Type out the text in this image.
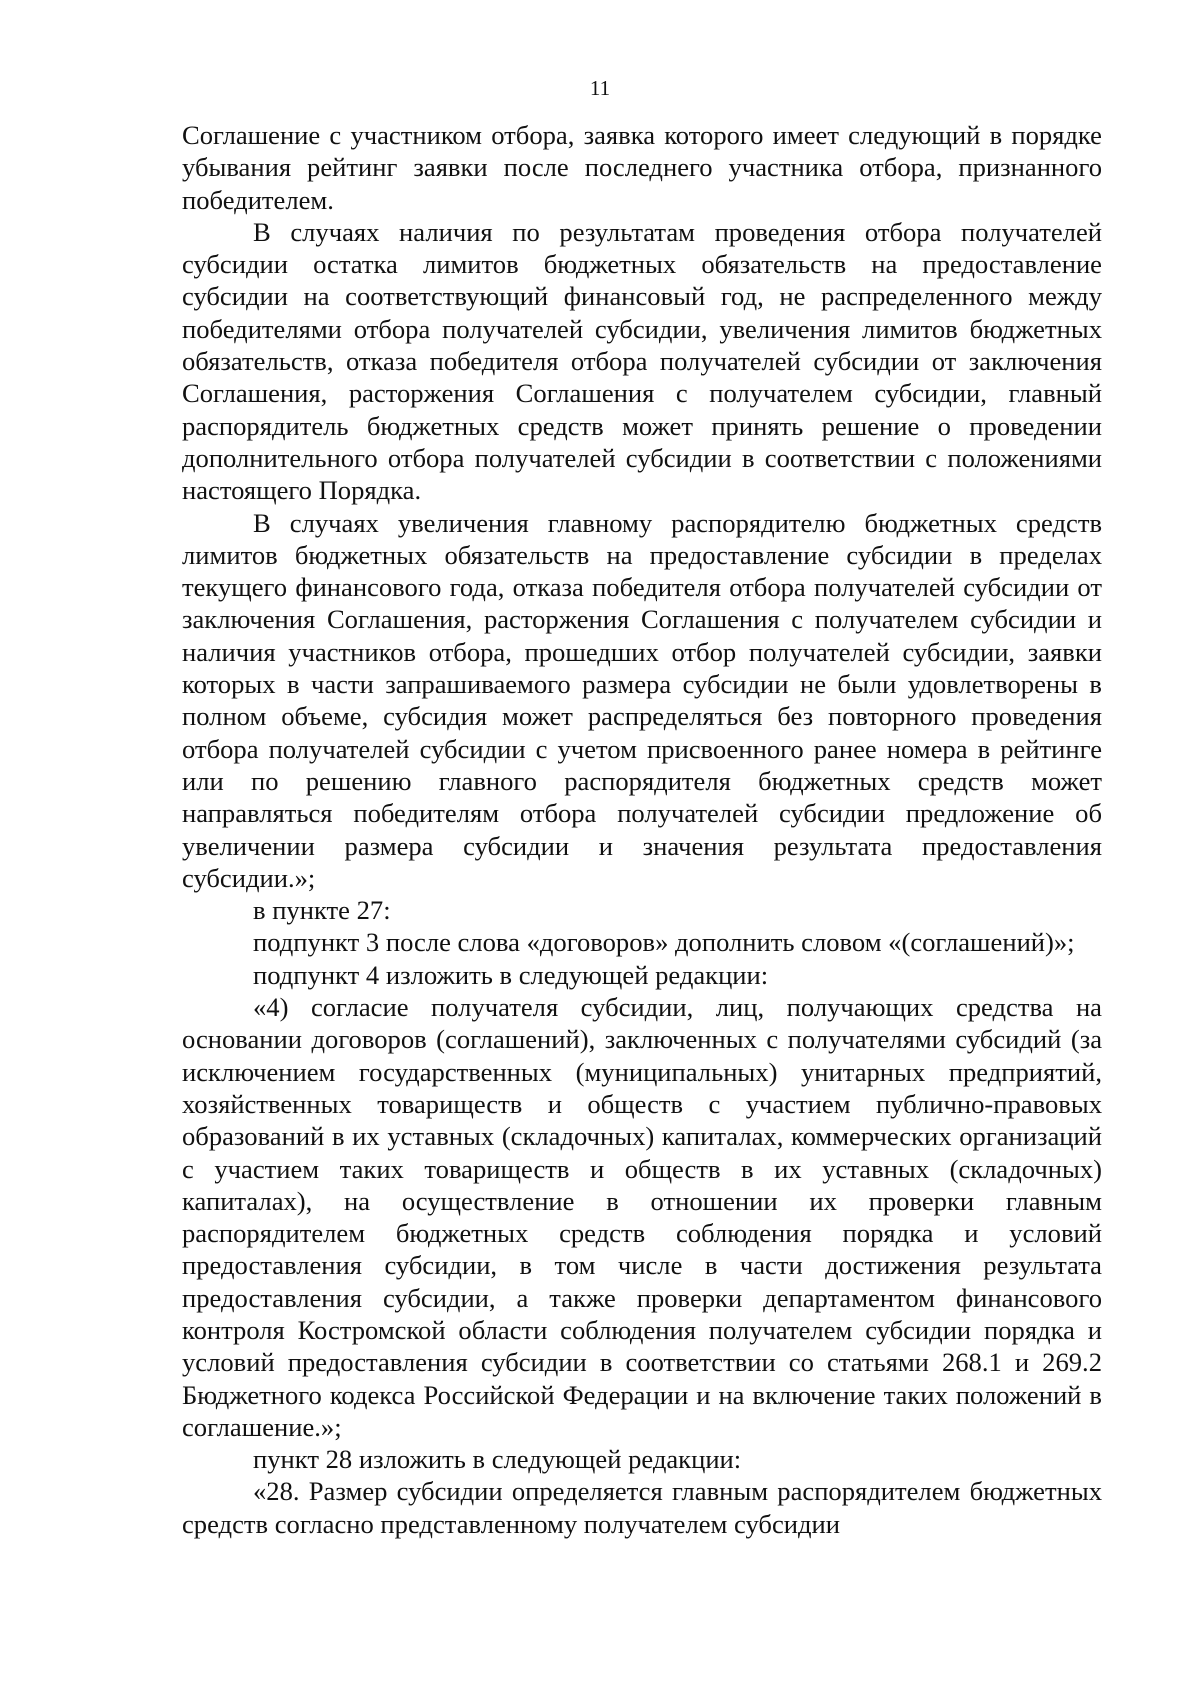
11

Соглашение с участником отбора, заявка которого имеет следующий в порядке убывания рейтинг заявки после последнего участника отбора, признанного победителем.

В случаях наличия по результатам проведения отбора получателей субсидии остатка лимитов бюджетных обязательств на предоставление субсидии на соответствующий финансовый год, не распределенного между победителями отбора получателей субсидии, увеличения лимитов бюджетных обязательств, отказа победителя отбора получателей субсидии от заключения Соглашения, расторжения Соглашения с получателем субсидии, главный распорядитель бюджетных средств может принять решение о проведении дополнительного отбора получателей субсидии в соответствии с положениями настоящего Порядка.

В случаях увеличения главному распорядителю бюджетных средств лимитов бюджетных обязательств на предоставление субсидии в пределах текущего финансового года, отказа победителя отбора получателей субсидии от заключения Соглашения, расторжения Соглашения с получателем субсидии и наличия участников отбора, прошедших отбор получателей субсидии, заявки которых в части запрашиваемого размера субсидии не были удовлетворены в полном объеме, субсидия может распределяться без повторного проведения отбора получателей субсидии с учетом присвоенного ранее номера в рейтинге или по решению главного распорядителя бюджетных средств может направляться победителям отбора получателей субсидии предложение об увеличении размера субсидии и значения результата предоставления субсидии.»;

в пункте 27:

подпункт 3 после слова «договоров» дополнить словом «(соглашений)»;

подпункт 4 изложить в следующей редакции:

«4) согласие получателя субсидии, лиц, получающих средства на основании договоров (соглашений), заключенных с получателями субсидий (за исключением государственных (муниципальных) унитарных предприятий, хозяйственных товариществ и обществ с участием публично-правовых образований в их уставных (складочных) капиталах, коммерческих организаций с участием таких товариществ и обществ в их уставных (складочных) капиталах), на осуществление в отношении их проверки главным распорядителем бюджетных средств соблюдения порядка и условий предоставления субсидии, в том числе в части достижения результата предоставления субсидии, а также проверки департаментом финансового контроля Костромской области соблюдения получателем субсидии порядка и условий предоставления субсидии в соответствии со статьями 268.1 и 269.2 Бюджетного кодекса Российской Федерации и на включение таких положений в соглашение.»;

пункт 28 изложить в следующей редакции:

«28. Размер субсидии определяется главным распорядителем бюджетных средств согласно представленному получателем субсидии
